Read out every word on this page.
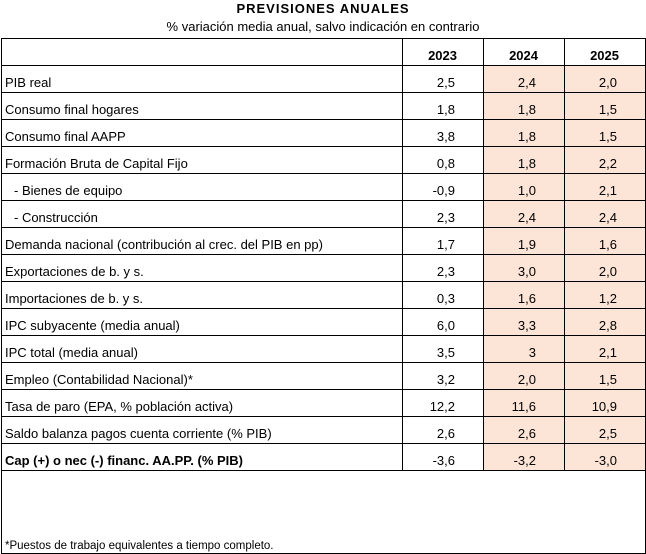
PREVISIONES ANUALES
% variación media anual, salvo indicación en contrario
	2023	2024	2025
PIB real	2,5	2,4	2,0
Consumo final hogares	1,8	1,8	1,5
Consumo final AAPP	3,8	1,8	1,5
Formación Bruta de Capital Fijo	0,8	1,8	2,2
- Bienes de equipo	-0,9	1,0	2,1
- Construcción	2,3	2,4	2,4
Demanda nacional (contribución al crec. del PIB en pp)	1,7	1,9	1,6
Exportaciones de b. y s.	2,3	3,0	2,0
Importaciones de b. y s.	0,3	1,6	1,2
IPC subyacente (media anual)	6,0	3,3	2,8
IPC total (media anual)	3,5	3	2,1
Empleo (Contabilidad Nacional)*	3,2	2,0	1,5
Tasa de paro (EPA, % población activa)	12,2	11,6	10,9
Saldo balanza pagos cuenta corriente (% PIB)	2,6	2,6	2,5
Cap (+) o nec (-) financ. AA.PP. (% PIB)	-3,6	-3,2	-3,0
*Puestos de trabajo equivalentes a tiempo completo.			
